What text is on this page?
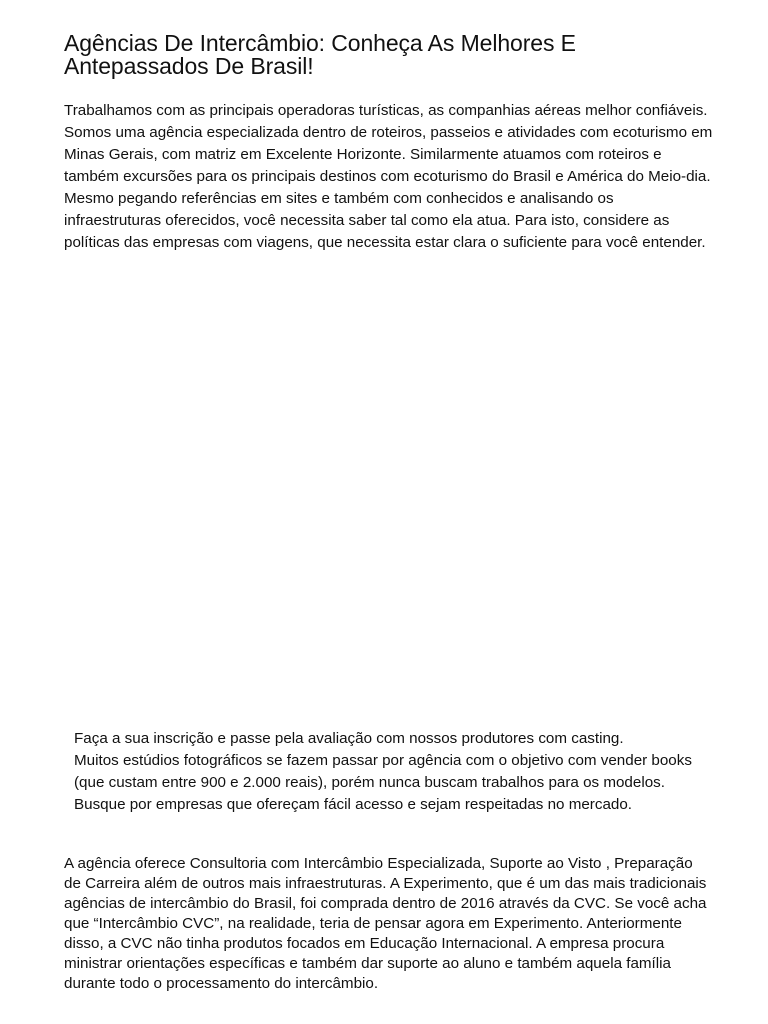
Agências De Intercâmbio: Conheça As Melhores E Antepassados De Brasil!

Trabalhamos com as principais operadoras turísticas, as companhias aéreas melhor confiáveis. Somos uma agência especializada dentro de roteiros, passeios e atividades com ecoturismo em Minas Gerais, com matriz em Excelente Horizonte. Similarmente atuamos com roteiros e também excursões para os principais destinos com ecoturismo do Brasil e América do Meio-dia. Mesmo pegando referências em sites e também com conhecidos e analisando os infraestruturas oferecidos, você necessita saber tal como ela atua. Para isto, considere as políticas das empresas com viagens, que necessita estar clara o suficiente para você entender.

Faça a sua inscrição e passe pela avaliação com nossos produtores com casting.
Muitos estúdios fotográficos se fazem passar por agência com o objetivo com vender books (que custam entre 900 e 2.000 reais), porém nunca buscam trabalhos para os modelos.
Busque por empresas que ofereçam fácil acesso e sejam respeitadas no mercado.

A agência oferece Consultoria com Intercâmbio Especializada, Suporte ao Visto , Preparação de Carreira além de outros mais infraestruturas. A Experimento, que é um das mais tradicionais agências de intercâmbio do Brasil, foi comprada dentro de 2016 através da CVC. Se você acha que “Intercâmbio CVC”, na realidade, teria de pensar agora em Experimento. Anteriormente disso, a CVC não tinha produtos focados em Educação Internacional. A empresa procura ministrar orientações específicas e também dar suporte ao aluno e também aquela família durante todo o processamento do intercâmbio.
